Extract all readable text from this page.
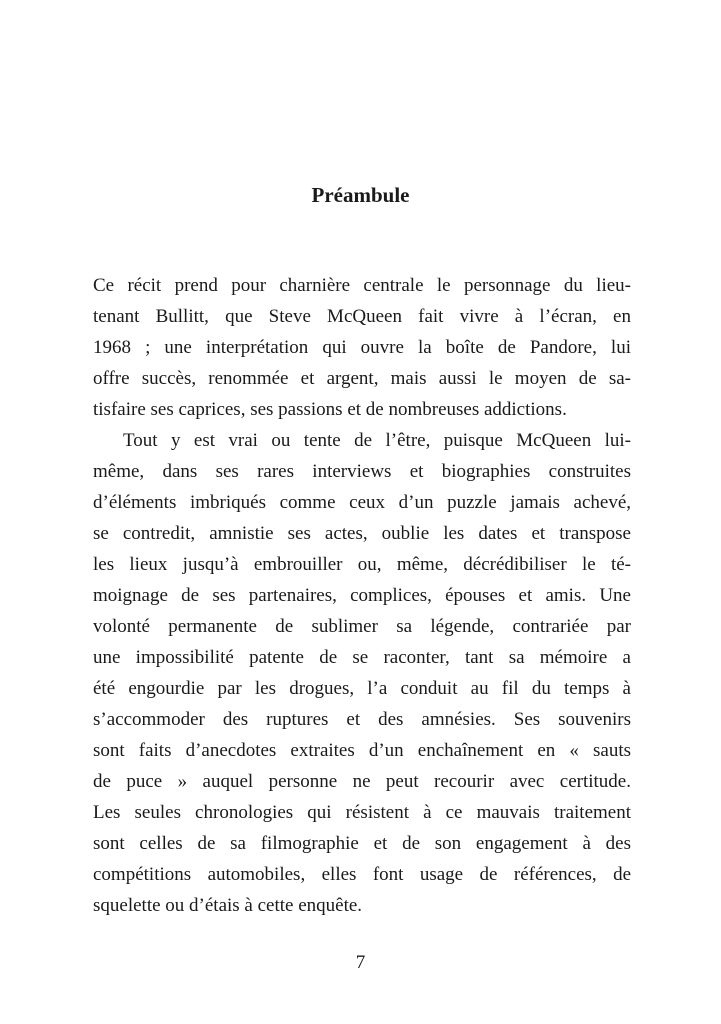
Préambule
Ce récit prend pour charnière centrale le personnage du lieu-
tenant Bullitt, que Steve McQueen fait vivre à l’écran, en
1968 ; une interprétation qui ouvre la boîte de Pandore, lui
offre succès, renommée et argent, mais aussi le moyen de sa-
tisfaire ses caprices, ses passions et de nombreuses addictions.
Tout y est vrai ou tente de l’être, puisque McQueen lui-
même, dans ses rares interviews et biographies construites
d’éléments imbriqués comme ceux d’un puzzle jamais achevé,
se contredit, amnistie ses actes, oublie les dates et transpose
les lieux jusqu’à embrouiller ou, même, décrédibiliser le té-
moignage de ses partenaires, complices, épouses et amis. Une
volonté permanente de sublimer sa légende, contrariée par
une impossibilité patente de se raconter, tant sa mémoire a
été engourdie par les drogues, l’a conduit au fil du temps à
s’accommoder des ruptures et des amnésies. Ses souvenirs
sont faits d’anecdotes extraites d’un enchaînement en « sauts
de puce » auquel personne ne peut recourir avec certitude.
Les seules chronologies qui résistent à ce mauvais traitement
sont celles de sa filmographie et de son engagement à des
compétitions automobiles, elles font usage de références, de
squelette ou d’étais à cette enquête.
7
